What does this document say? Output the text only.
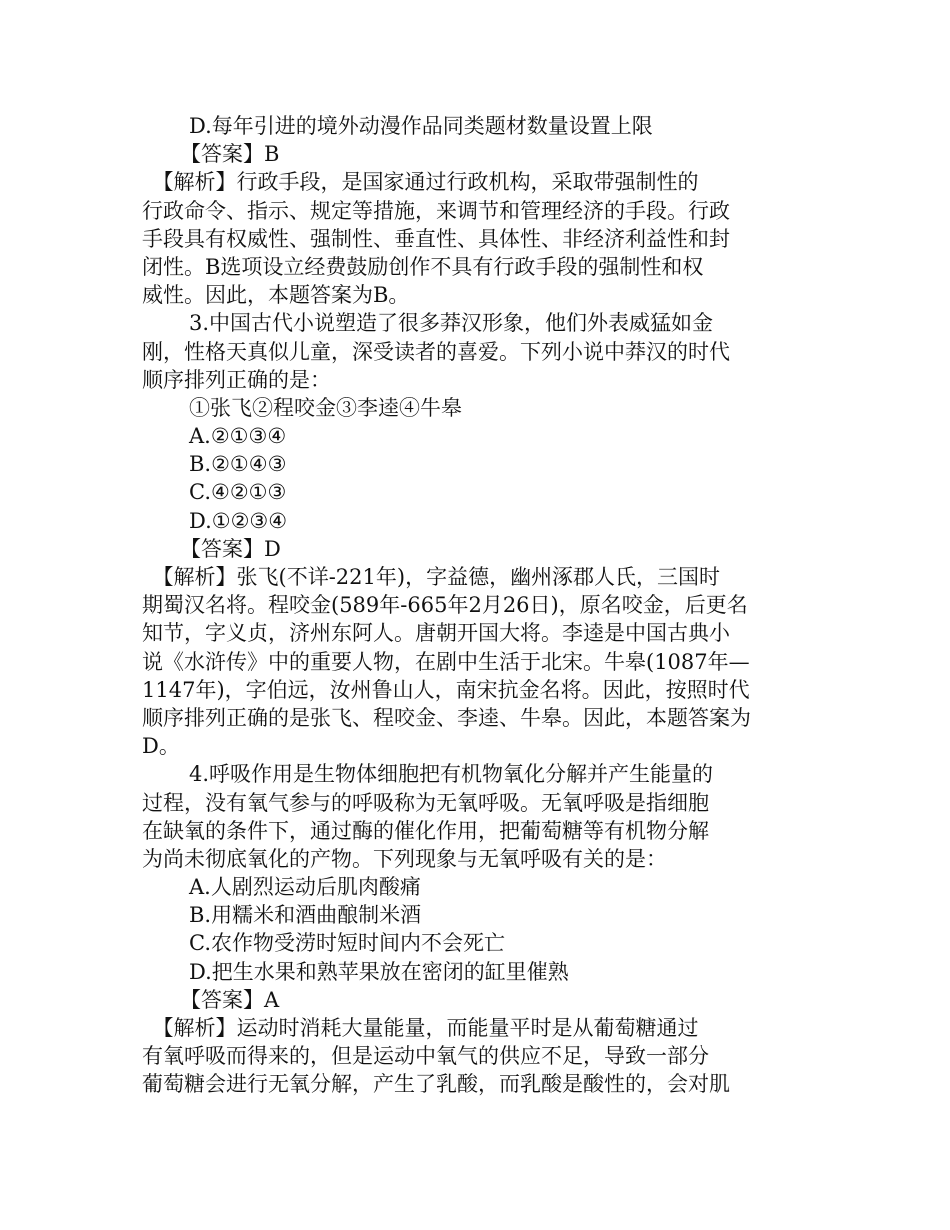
D.每年引进的境外动漫作品同类题材数量设置上限
【答案】B
　【解析】行政手段，是国家通过行政机构，采取带强制性的
行政命令、指示、规定等措施，来调节和管理经济的手段。行政
手段具有权威性、强制性、垂直性、具体性、非经济利益性和封
闭性。B选项设立经费鼓励创作不具有行政手段的强制性和权
威性。因此，本题答案为B。
3.中国古代小说塑造了很多莽汉形象，他们外表威猛如金
刚，性格天真似儿童，深受读者的喜爱。下列小说中莽汉的时代
顺序排列正确的是：
①张飞②程咬金③李逵④牛皋
A.②①③④
B.②①④③
C.④②①③
D.①②③④
【答案】D
　【解析】张飞(不详-221年)，字益德，幽州涿郡人氏，三国时
期蜀汉名将。程咬金(589年-665年2月26日)，原名咬金，后更名
知节，字义贞，济州东阿人。唐朝开国大将。李逵是中国古典小
说《水浒传》中的重要人物，在剧中生活于北宋。牛皋(1087年—
1147年)，字伯远，汝州鲁山人，南宋抗金名将。因此，按照时代
顺序排列正确的是张飞、程咬金、李逵、牛皋。因此，本题答案为
D。
4.呼吸作用是生物体细胞把有机物氧化分解并产生能量的
过程，没有氧气参与的呼吸称为无氧呼吸。无氧呼吸是指细胞
在缺氧的条件下，通过酶的催化作用，把葡萄糖等有机物分解
为尚未彻底氧化的产物。下列现象与无氧呼吸有关的是：
A.人剧烈运动后肌肉酸痛
B.用糯米和酒曲酿制米酒
C.农作物受涝时短时间内不会死亡
D.把生水果和熟苹果放在密闭的缸里催熟
【答案】A
　【解析】运动时消耗大量能量，而能量平时是从葡萄糖通过
有氧呼吸而得来的，但是运动中氧气的供应不足，导致一部分
葡萄糖会进行无氧分解，产生了乳酸，而乳酸是酸性的，会对肌
